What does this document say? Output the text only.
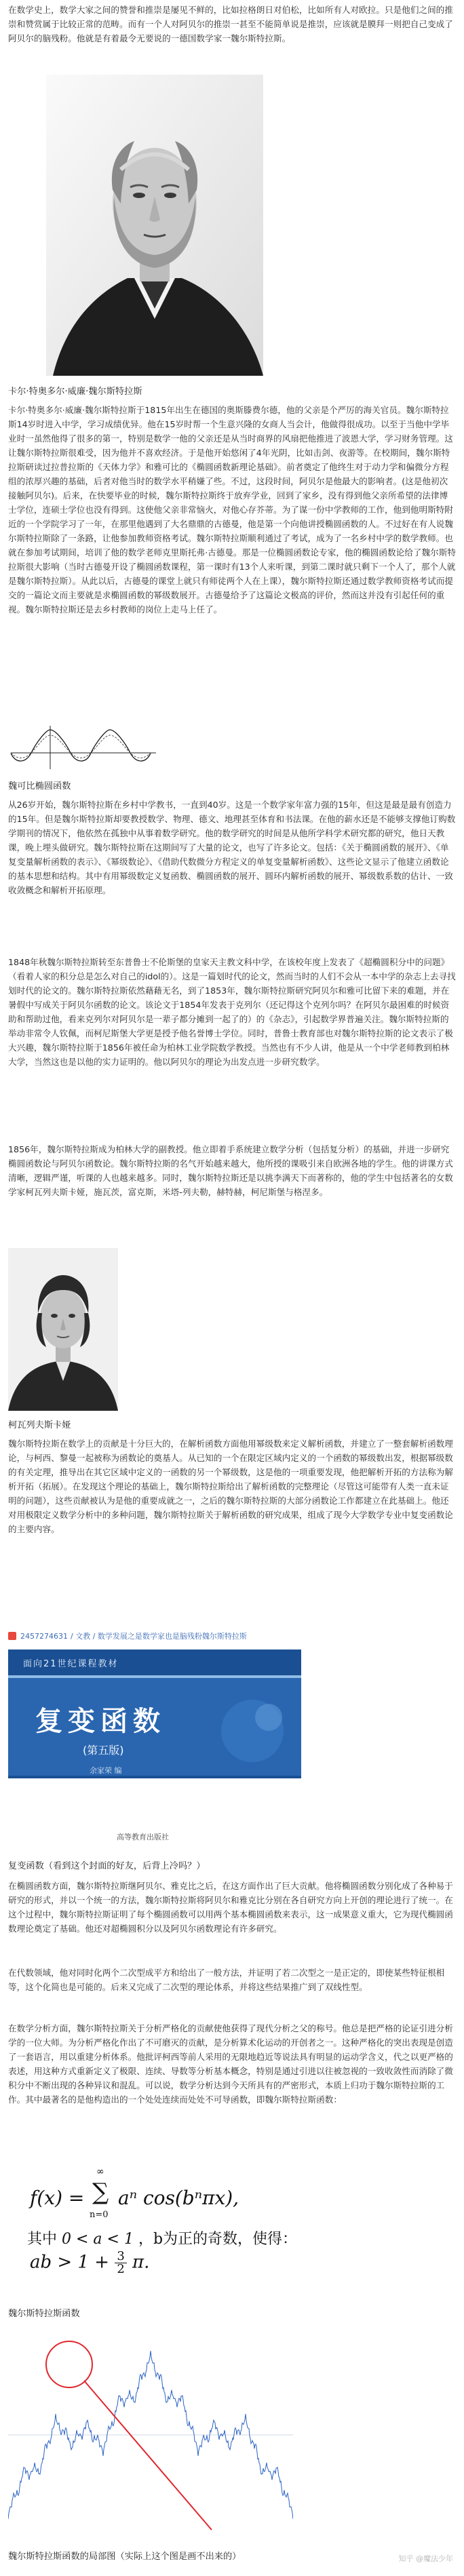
在数学史上，数学大家之间的赞誉和推崇是屡见不鲜的，比如拉格朗日对伯松，比如所有人对欧拉。只是他们之间的推崇和赞赏属于比较正常的范畴。而有一个人对阿贝尔的推崇一甚至不能简单说是推崇，应该就是膜拜一则把自己变成了阿贝尔的脑残粉。他就是有着最令无要说的一德国数学家一魏尔斯特拉斯。

卡尔·特奥多尔·威廉·魏尔斯特拉斯

卡尔·特奥多尔·威廉·魏尔斯特拉斯于1815年出生在德国的奥斯滕费尔德，他的父亲是个严厉的海关官员。魏尔斯特拉斯14岁时进入中学，学习成绩优异。他在15岁时帮一个生意兴隆的女商人当会计，他做得很成功。以至于当他中学毕业时一虽然他得了很多的第一，特别是数学一他的父亲还是从当时商界的风扇把他推进了波恩大学，学习财务管理。这让魏尔斯特拉斯很难受，因为他并不喜欢经济。于是他开始悠闲了4年光阴，比如击剑、夜游等。在校期间，魏尔斯特拉斯研读过拉普拉斯的《天体力学》和雅可比的《椭圆函数新理论基础》。前者奠定了他终生对于动力学和偏微分方程组的浓厚兴趣的基础，后者对他当时的数学水平稍嫌了些。不过，这段时间，阿贝尔是他最大的影响者。(这是他初次接触阿贝尔)。后来，在快要毕业的时候，魏尔斯特拉斯终于放弃学业，回到了家乡，没有得到他父亲所希望的法律博士学位，连硕士学位也没有得到。这使他父亲非常恼火，对他心存芥蒂。为了谋一份中学教师的工作，他到他明斯特附近的一个学院学习了一年，在那里他遇到了大名鼎鼎的古德曼，他是第一个向他讲授椭圆函数的人。不过好在有人说魏尔斯特拉斯除了一条路，让他参加教师资格考试。魏尔斯特拉斯顺利通过了考试，成为了一名乡村中学的数学教师。也就在参加考试期间，培训了他的数学老师克里斯托弗·古德曼。那是一位椭圆函数论专家，他的椭圆函数论给了魏尔斯特拉斯很大影响（当时古德曼开设了椭圆函数课程，第一课时有13个人来听课，到第二课时就只剩下一个人了，那个人就是魏尔斯特拉斯）。从此以后，古德曼的课堂上就只有师徒两个人在上课），魏尔斯特拉斯还通过数学教师资格考试而提交的一篇论文而主要就是求椭圆函数的幂级数展开。古德曼给予了这篇论文极高的评价，然而这并没有引起任何的重视。魏尔斯特拉斯还是去乡村教师的岗位上走马上任了。

魏可比椭圆函数

从26岁开始，魏尔斯特拉斯在乡村中学教书，一直到40岁。这是一个数学家年富力强的15年，但这是最是最有创造力的15年。但是魏尔斯特拉斯却要教授数学、物理、德文、地理甚至体育和书法课。在他的薪水还是不能够支撑他订购数学期刊的情况下，他依然在孤独中从事着数学研究。他的数学研究的时间是从他所学科学术研究都的研究，他日天教课，晚上埋头做研究。魏尔斯特拉斯在这期间写了大量的论文，也写了许多论文。包括：《关于椭圆函数的展开》、《单复变量解析函数的表示》、《幂级数论》、《借助代数微分方程定义的单复变量解析函数》、这些论文显示了他建立函数论的基本思想和结构。其中有用幂级数定义复函数、椭圆函数的展开、圆环内解析函数的展开、幂级数系数的估计、一致收敛概念和解析开拓原理。

1848年秋魏尔斯特拉斯转至东普鲁士不伦斯堡的皇家天主教文科中学，在该校年度上发表了《超椭圆积分中的问题》（看着人家的积分总是怎么对自己的idol的）。这是一篇划时代的论文，然而当时的人们不会从一本中学的杂志上去寻找划时代的论文的。魏尔斯特拉斯依然藉藉无名，到了1853年，魏尔斯特拉斯研究阿贝尔和雅可比留下来的难题，并在暑假中写成关于阿贝尔函数的论文。该论文于1854年发表于克列尔（还记得这个克列尔吗？在阿贝尔最困难的时候资助和帮助过他，看来克列尔对阿贝尔是一辈子都分摊到一起了的）的《杂志》，引起数学界普遍关注。魏尔斯特拉斯的举动非常令人钦佩，而柯尼斯堡大学更是授予他名誉博士学位。同时，普鲁士教育部也对魏尔斯特拉斯的论文表示了极大兴趣，魏尔斯特拉斯于1856年被任命为柏林工业学院数学教授。当然也有不少人讲，他是从一个中学老师教到柏林大学，当然这也是以他的实力证明的。他以阿贝尔的理论为出发点进一步研究数学。

1856年，魏尔斯特拉斯成为柏林大学的副教授。他立即着手系统建立数学分析（包括复分析）的基础，并进一步研究椭圆函数论与阿贝尔函数论。魏尔斯特拉斯的名气开始越来越大，他所授的课吸引来自欧洲各地的学生。他的讲课方式清晰，逻辑严谨，听课的人也越来越多。同时，魏尔斯特拉斯还是以挑李满天下而著称的，他的学生中包括著名的女数学家柯瓦列夫斯卡娅，施瓦茨，富克斯，米塔-列夫勒，赫特赫，柯尼斯堡与格涅多。

柯瓦列夫斯卡娅

魏尔斯特拉斯在数学上的贡献是十分巨大的，在解析函数方面他用幂级数来定义解析函数，并建立了一整套解析函数理论，与柯西、黎曼一起被称为函数论的奠基人。从已知的一个在限定区域内定义的一个函数的幂级数出发，根据幂级数的有关定理，推导出在其它区域中定义的一函数的另一个幂级数，这是他的一项重要发现，他把解析开拓的方法称为解析开拓（拓展）。在发现这个理论的基础上，魏尔斯特拉斯给出了解析函数的完整理论（尽管这可能带有人类一直未证明的问题），这些贡献被认为是他的重要成就之一，之后的魏尔斯特拉斯的大部分函数论工作都建立在此基础上。他还对用极限定义数学分析中的多种问题，魏尔斯特拉斯关于解析函数的研究成果，组成了现今大学数学专业中复变函数论的主要内容。

2457274631 / 文教 / 数学发展之是数学家也是脑残粉魏尔斯特拉斯
面向21世纪课程教材
复变函数
(第五版)
余家荣 编
高等教育出版社

复变函数（看到这个封面的好友，后背上冷吗？）

在椭圆函数方面，魏尔斯特拉斯继阿贝尔、雅克比之后，在这方面作出了巨大贡献。他将椭圆函数分别化成了各种易于研究的形式，并以一个统一的方法，魏尔斯特拉斯将阿贝尔和雅克比分别在各自研究方向上开创的理论进行了统一。在这个过程中，魏尔斯特拉斯证明了每个椭圆函数可以用两个基本椭圆函数来表示，这一成果意义重大，它为现代椭圆函数理论奠定了基础。他还对超椭圆积分以及阿贝尔函数理论有许多研究。

在代数领域，他对同时化两个二次型成平方和给出了一般方法，并证明了若二次型之一是正定的，即使某些特征根相等，这个化简也是可能的。后来又完成了二次型的理论体系，并将这些结果推广到了双线性型。

在数学分析方面，魏尔斯特拉斯关于分析严格化的贡献使他获得了现代分析之父的称号。他总是把严格的论证引进分析学的一位大师。为分析严格化作出了不可磨灭的贡献，是分析算术化运动的开创者之一。这种严格化的突出表现是创造了一套语言，用以重建分析体系。他批评柯西等前人采用的无限地趋近等说法具有明显的运动学含义，代之以更严格的表述，用这种方式重新定义了极限、连续、导数等分析基本概念，特别是通过引进以往被忽视的一致收敛性而消除了微积分中不断出现的各种异议和混乱。可以说，数学分析达到今天所具有的严密形式，本质上归功于魏尔斯特拉斯的工作。其中最著名的是他构造出的一个处处连续而处处不可导函数，即魏尔斯特拉斯函数：

f(x) =
∞
∑
n=0
aⁿ cos(bⁿπx),
其中 0 < a < 1 ，b为正的奇数，使得：
ab > $1 + \frac{3}{2} \pi$.

魏尔斯特拉斯函数

魏尔斯特拉斯函数的局部图（实际上这个图是画不出来的）	知乎 @魔法少年
